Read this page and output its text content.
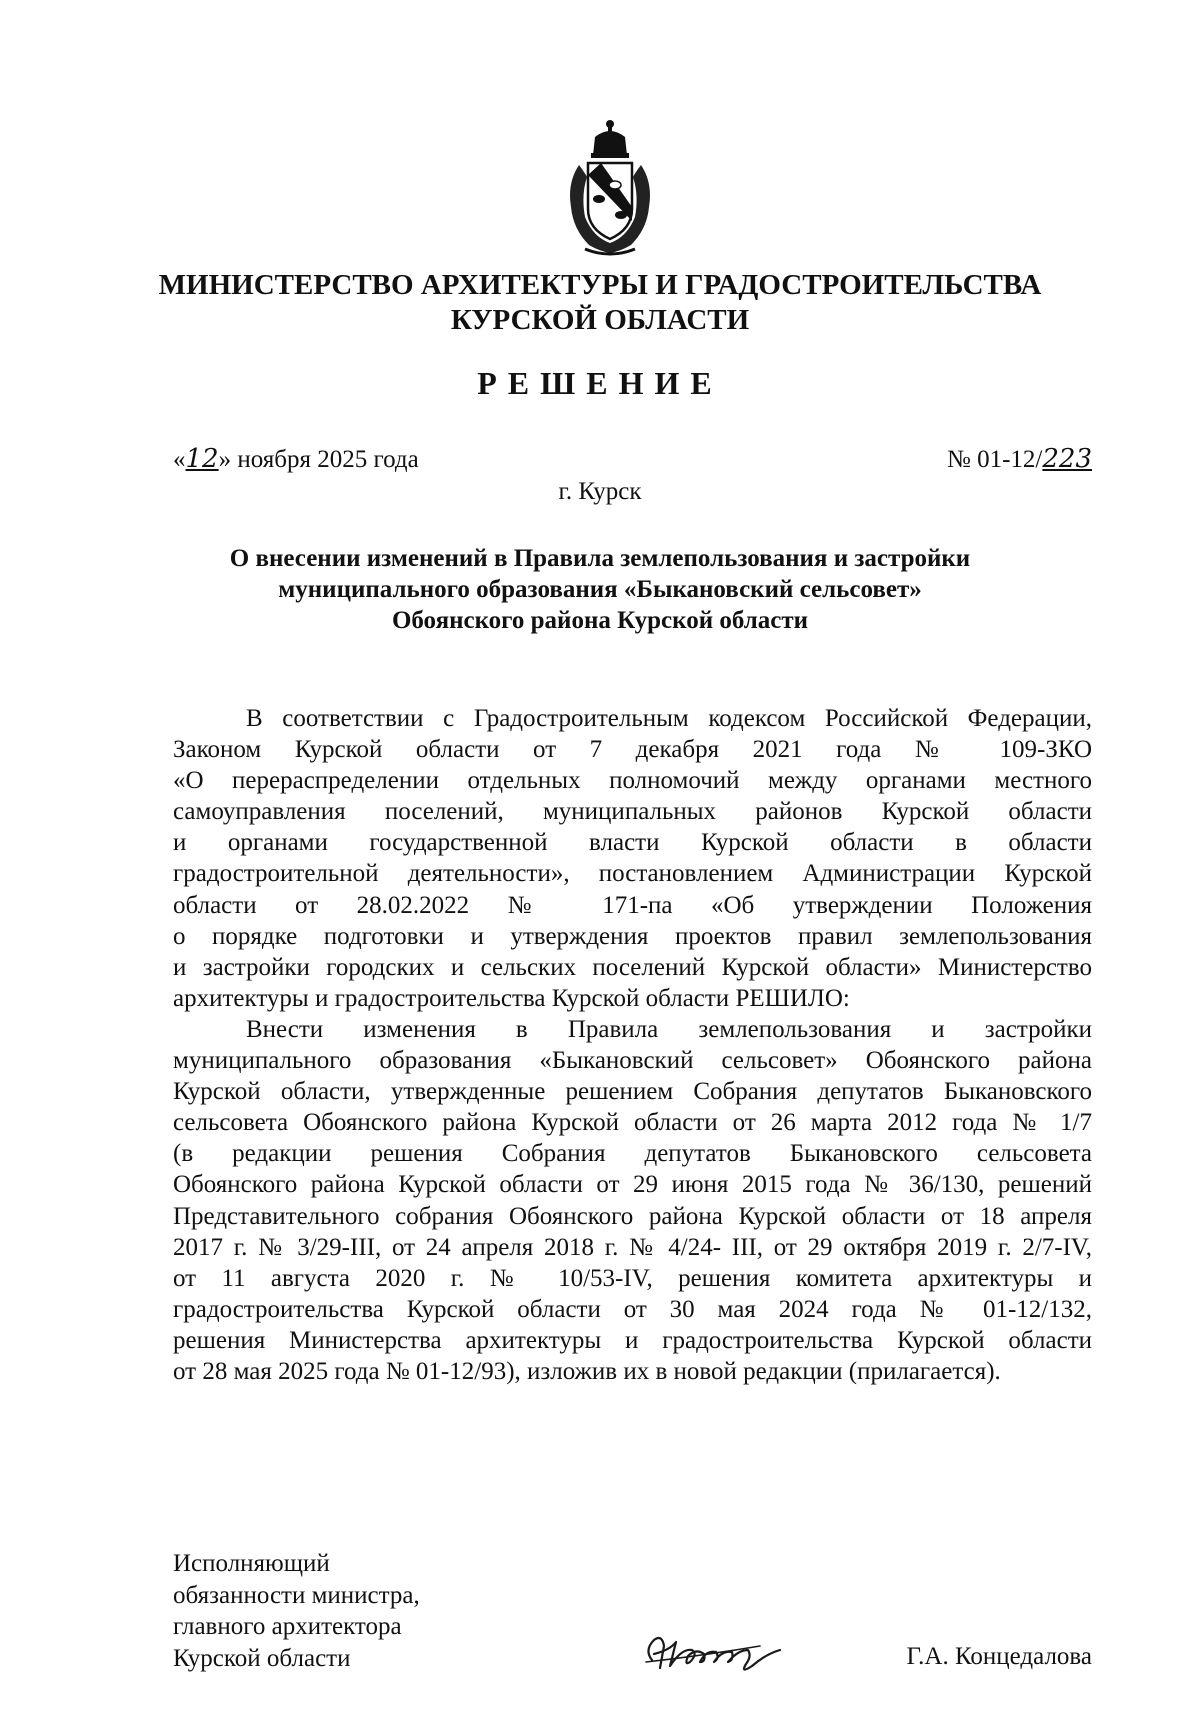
МИНИСТЕРСТВО АРХИТЕКТУРЫ И ГРАДОСТРОИТЕЛЬСТВА
КУРСКОЙ ОБЛАСТИ
РЕШЕНИЕ
«12» ноября 2025 года	№ 01-12/223
г. Курск
О внесении изменений в Правила землепользования и застройки
муниципального образования «Быкановский сельсовет»
Обоянского района Курской области
В соответствии с Градостроительным кодексом Российской Федерации,
Законом Курской области от 7 декабря 2021 года № 109-ЗКО
«О перераспределении отдельных полномочий между органами местного
самоуправления поселений, муниципальных районов Курской области
и органами государственной власти Курской области в области
градостроительной деятельности», постановлением Администрации Курской
области от 28.02.2022 № 171-па «Об утверждении Положения
о порядке подготовки и утверждения проектов правил землепользования
и застройки городских и сельских поселений Курской области» Министерство
архитектуры и градостроительства Курской области РЕШИЛО:
Внести изменения в Правила землепользования и застройки
муниципального образования «Быкановский сельсовет» Обоянского района
Курской области, утвержденные решением Собрания депутатов Быкановского
сельсовета Обоянского района Курской области от 26 марта 2012 года № 1/7
(в редакции решения Собрания депутатов Быкановского сельсовета
Обоянского района Курской области от 29 июня 2015 года № 36/130, решений
Представительного собрания Обоянского района Курской области от 18 апреля
2017 г. № 3/29-III, от 24 апреля 2018 г. № 4/24- III, от 29 октября 2019 г. 2/7-IV,
от 11 августа 2020 г. № 10/53-IV, решения комитета архитектуры и
градостроительства Курской области от 30 мая 2024 года № 01-12/132,
решения Министерства архитектуры и градостроительства Курской области
от 28 мая 2025 года № 01-12/93), изложив их в новой редакции (прилагается).
Исполняющий
обязанности министра,
главного архитектора
Курской области	Г.А. Концедалова
